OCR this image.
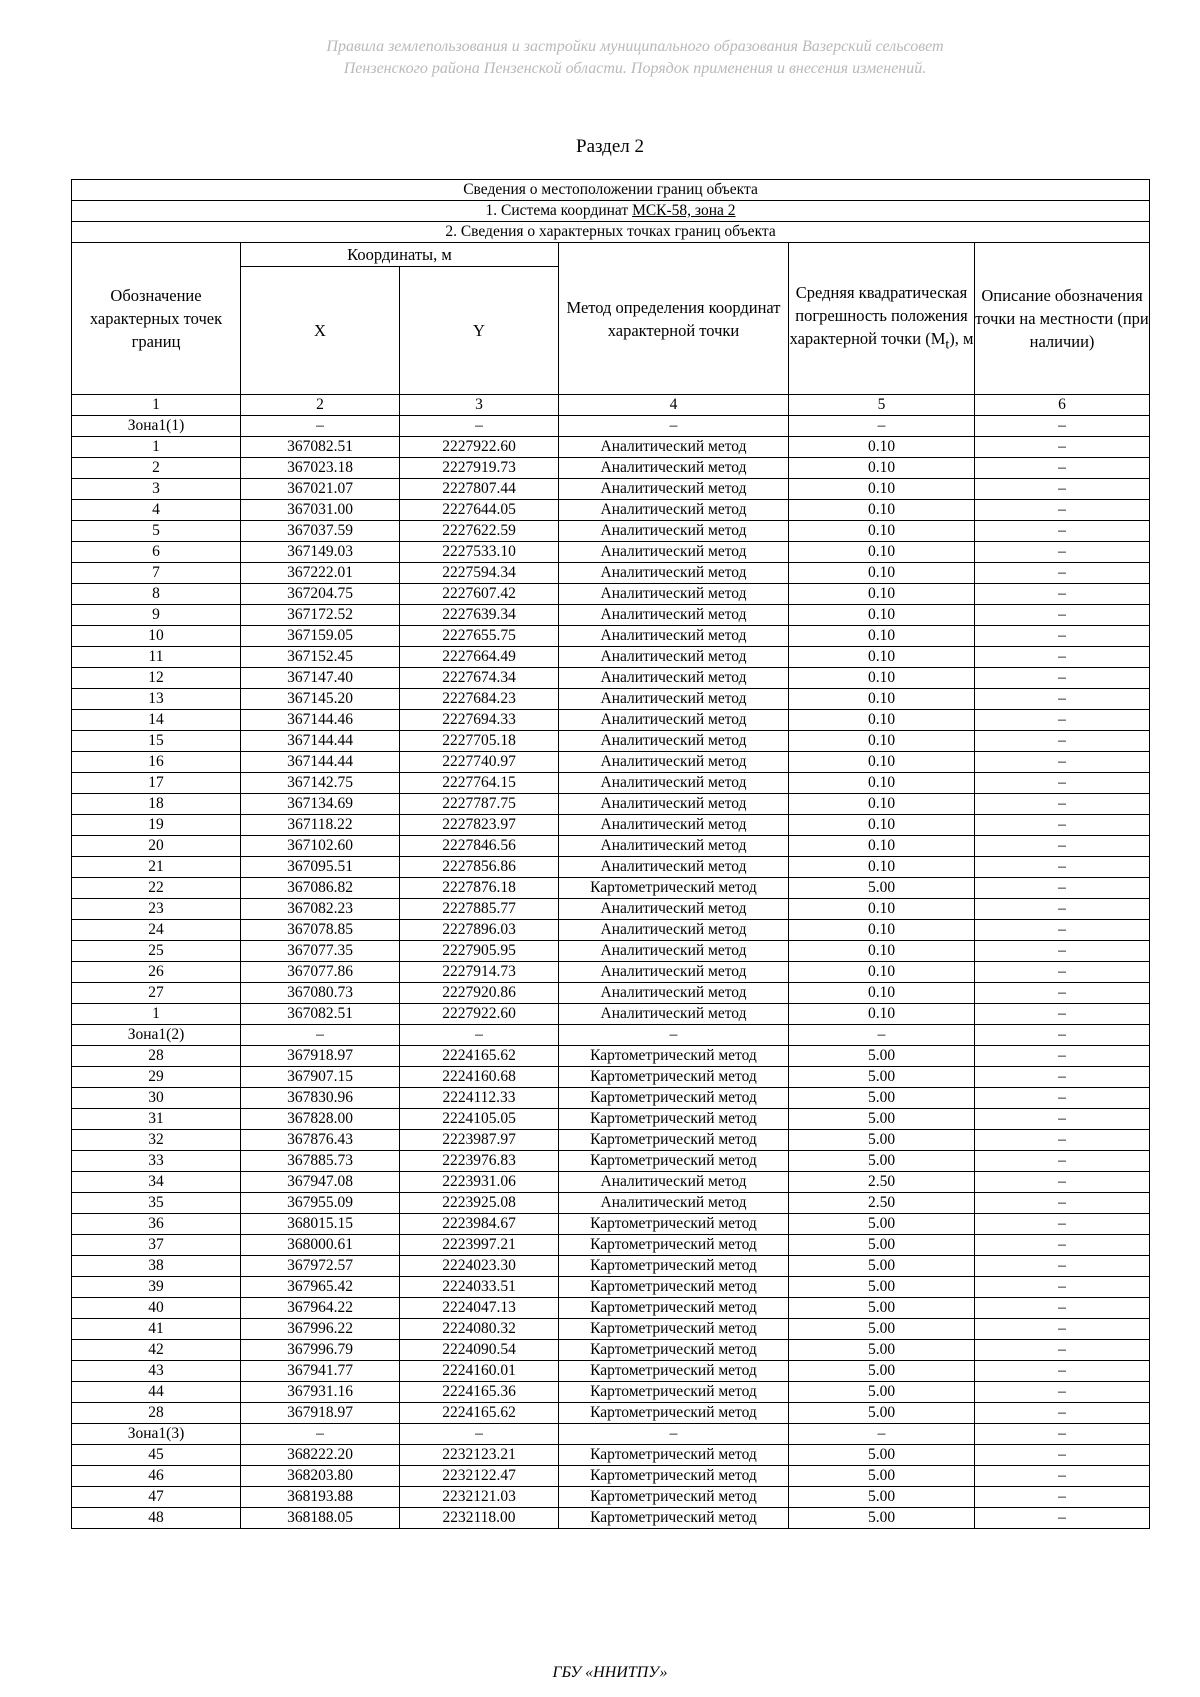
Правила землепользования и застройки муниципального образования Вазерский сельсовет
Пензенского района Пензенской области. Порядок применения и внесения изменений.
Раздел 2
Сведения о местоположении границ объекта					
1. Система координат МСК-58, зона 2					
2. Сведения о характерных точках границ объекта					
Обозначение характерных точек границ	Координаты, м		Метод определения координат характерной точки	Средняя квадратическая погрешность положения характерной точки $(M_t)$, м	Описание обозначения точки на местности (при наличии)
	X	Y			
1	2	3	4	5	6
Зона1(1)	–	–	–	–	–
1	367082.51	2227922.60	Аналитический метод	0.10	–
2	367023.18	2227919.73	Аналитический метод	0.10	–
3	367021.07	2227807.44	Аналитический метод	0.10	–
4	367031.00	2227644.05	Аналитический метод	0.10	–
5	367037.59	2227622.59	Аналитический метод	0.10	–
6	367149.03	2227533.10	Аналитический метод	0.10	–
7	367222.01	2227594.34	Аналитический метод	0.10	–
8	367204.75	2227607.42	Аналитический метод	0.10	–
9	367172.52	2227639.34	Аналитический метод	0.10	–
10	367159.05	2227655.75	Аналитический метод	0.10	–
11	367152.45	2227664.49	Аналитический метод	0.10	–
12	367147.40	2227674.34	Аналитический метод	0.10	–
13	367145.20	2227684.23	Аналитический метод	0.10	–
14	367144.46	2227694.33	Аналитический метод	0.10	–
15	367144.44	2227705.18	Аналитический метод	0.10	–
16	367144.44	2227740.97	Аналитический метод	0.10	–
17	367142.75	2227764.15	Аналитический метод	0.10	–
18	367134.69	2227787.75	Аналитический метод	0.10	–
19	367118.22	2227823.97	Аналитический метод	0.10	–
20	367102.60	2227846.56	Аналитический метод	0.10	–
21	367095.51	2227856.86	Аналитический метод	0.10	–
22	367086.82	2227876.18	Картометрический метод	5.00	–
23	367082.23	2227885.77	Аналитический метод	0.10	–
24	367078.85	2227896.03	Аналитический метод	0.10	–
25	367077.35	2227905.95	Аналитический метод	0.10	–
26	367077.86	2227914.73	Аналитический метод	0.10	–
27	367080.73	2227920.86	Аналитический метод	0.10	–
1	367082.51	2227922.60	Аналитический метод	0.10	–
Зона1(2)	–	–	–	–	–
28	367918.97	2224165.62	Картометрический метод	5.00	–
29	367907.15	2224160.68	Картометрический метод	5.00	–
30	367830.96	2224112.33	Картометрический метод	5.00	–
31	367828.00	2224105.05	Картометрический метод	5.00	–
32	367876.43	2223987.97	Картометрический метод	5.00	–
33	367885.73	2223976.83	Картометрический метод	5.00	–
34	367947.08	2223931.06	Аналитический метод	2.50	–
35	367955.09	2223925.08	Аналитический метод	2.50	–
36	368015.15	2223984.67	Картометрический метод	5.00	–
37	368000.61	2223997.21	Картометрический метод	5.00	–
38	367972.57	2224023.30	Картометрический метод	5.00	–
39	367965.42	2224033.51	Картометрический метод	5.00	–
40	367964.22	2224047.13	Картометрический метод	5.00	–
41	367996.22	2224080.32	Картометрический метод	5.00	–
42	367996.79	2224090.54	Картометрический метод	5.00	–
43	367941.77	2224160.01	Картометрический метод	5.00	–
44	367931.16	2224165.36	Картометрический метод	5.00	–
28	367918.97	2224165.62	Картометрический метод	5.00	–
Зона1(3)	–	–	–	–	–
45	368222.20	2232123.21	Картометрический метод	5.00	–
46	368203.80	2232122.47	Картометрический метод	5.00	–
47	368193.88	2232121.03	Картометрический метод	5.00	–
48	368188.05	2232118.00	Картометрический метод	5.00	–
ГБУ «ННИТПУ»
